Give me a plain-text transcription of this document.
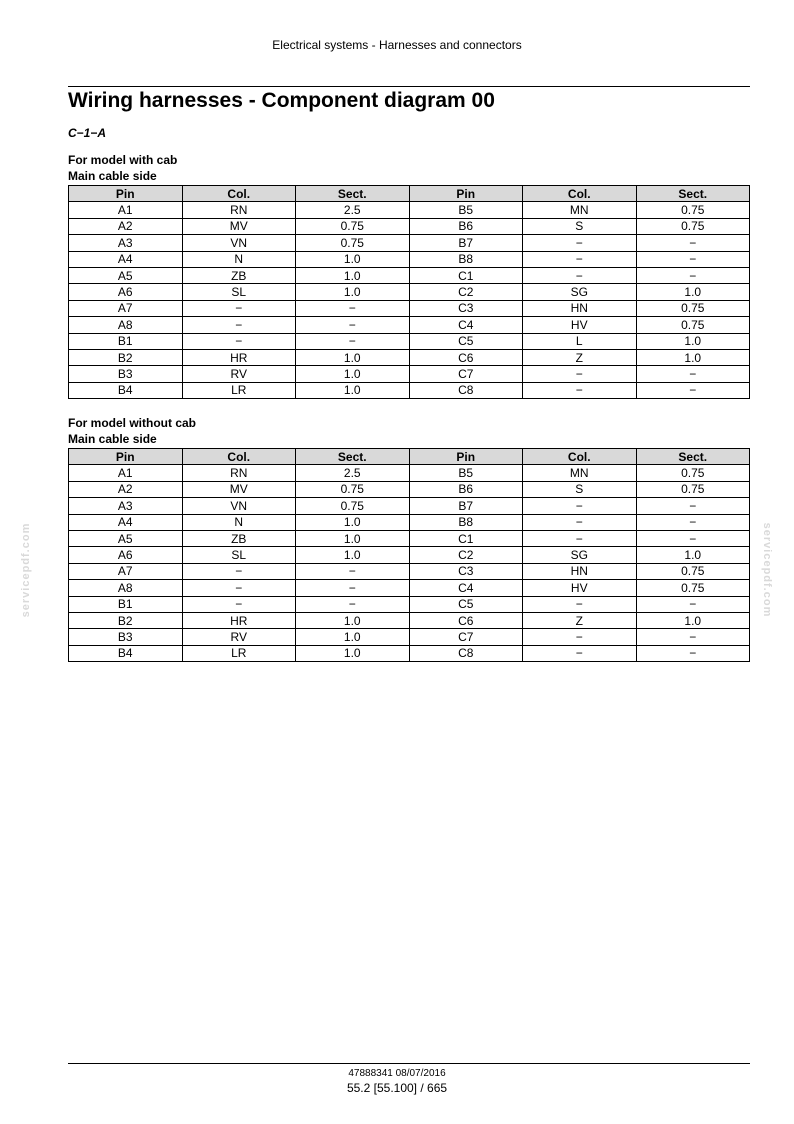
Electrical systems - Harnesses and connectors
Wiring harnesses - Component diagram 00
C−1−A
For model with cab
Main cable side
Pin	Col.	Sect.	Pin	Col.	Sect.
A1	RN	2.5	B5	MN	0.75
A2	MV	0.75	B6	S	0.75
A3	VN	0.75	B7	−	−
A4	N	1.0	B8	−	−
A5	ZB	1.0	C1	−	−
A6	SL	1.0	C2	SG	1.0
A7	−	−	C3	HN	0.75
A8	−	−	C4	HV	0.75
B1	−	−	C5	L	1.0
B2	HR	1.0	C6	Z	1.0
B3	RV	1.0	C7	−	−
B4	LR	1.0	C8	−	−
For model without cab
Main cable side
Pin	Col.	Sect.	Pin	Col.	Sect.
A1	RN	2.5	B5	MN	0.75
A2	MV	0.75	B6	S	0.75
A3	VN	0.75	B7	−	−
A4	N	1.0	B8	−	−
A5	ZB	1.0	C1	−	−
A6	SL	1.0	C2	SG	1.0
A7	−	−	C3	HN	0.75
A8	−	−	C4	HV	0.75
B1	−	−	C5	−	−
B2	HR	1.0	C6	Z	1.0
B3	RV	1.0	C7	−	−
B4	LR	1.0	C8	−	−
servicepdf.com	servicepdf.com
47888341 08/07/2016
55.2 [55.100] / 665
